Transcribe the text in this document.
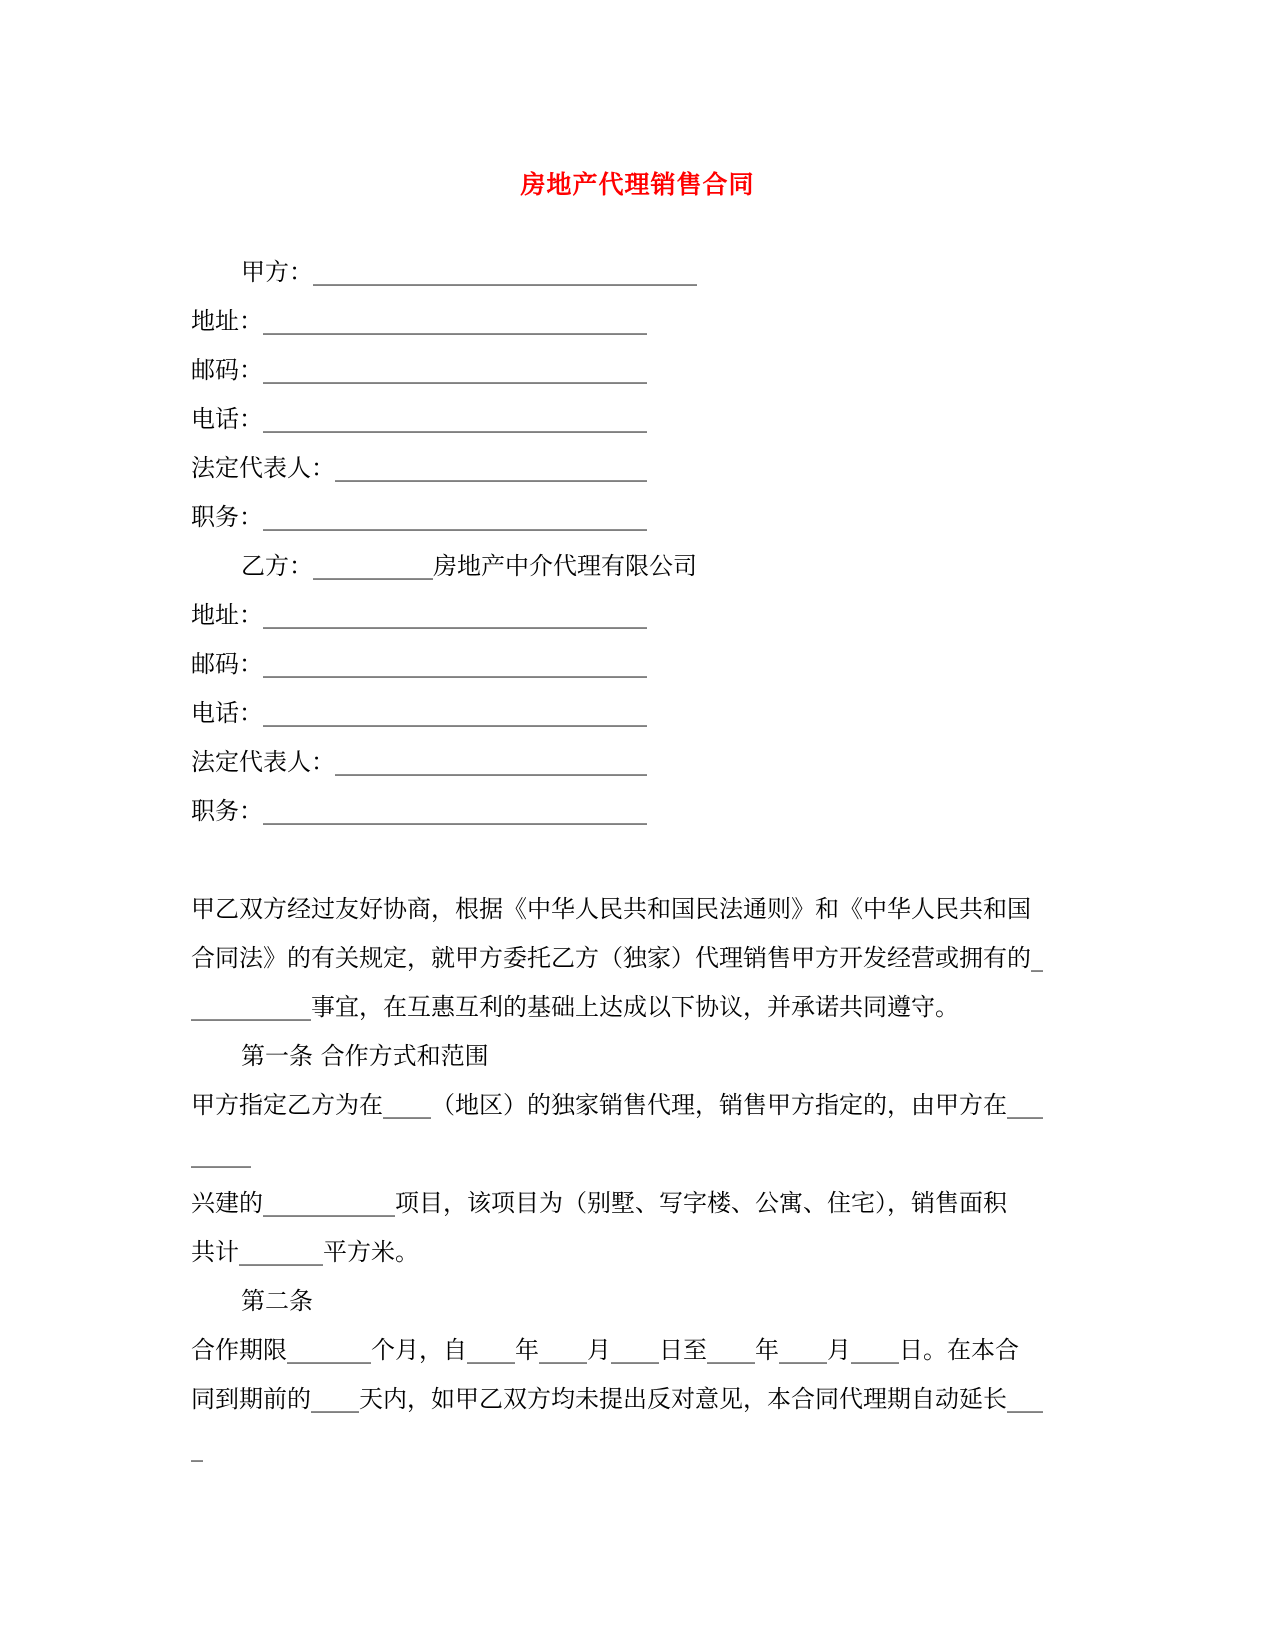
房地产代理销售合同
甲方：________________________________
地址：________________________________
邮码：________________________________
电话：________________________________
法定代表人：__________________________
职务：________________________________
乙方：__________房地产中介代理有限公司
地址：________________________________
邮码：________________________________
电话：________________________________
法定代表人：__________________________
职务：________________________________
甲乙双方经过友好协商，根据《中华人民共和国民法通则》和《中华人民共和国
合同法》的有关规定，就甲方委托乙方（独家）代理销售甲方开发经营或拥有的_
__________事宜，在互惠互利的基础上达成以下协议，并承诺共同遵守。
第一条 合作方式和范围
甲方指定乙方为在____（地区）的独家销售代理，销售甲方指定的，由甲方在___
_____
兴建的___________项目，该项目为（别墅、写字楼、公寓、住宅），销售面积
共计_______平方米。
第二条
合作期限_______个月，自____年____月____日至____年____月____日。在本合
同到期前的____天内，如甲乙双方均未提出反对意见，本合同代理期自动延长___
_
